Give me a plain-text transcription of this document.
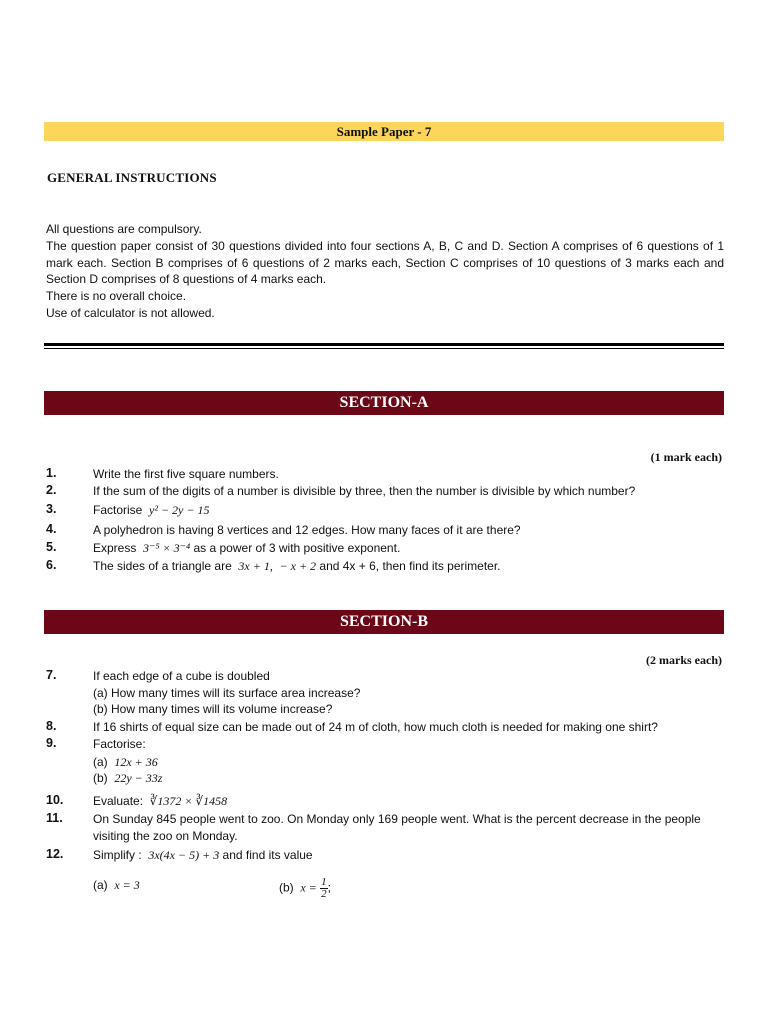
Sample Paper - 7
GENERAL INSTRUCTIONS
All questions are compulsory.
The question paper consist of 30 questions divided into four sections A, B, C and D. Section A comprises of 6 questions of 1 mark each. Section B comprises of 6 questions of 2 marks each, Section C comprises of 10 questions of 3 marks each and Section D comprises of 8 questions of 4 marks each.
There is no overall choice.
Use of calculator is not allowed.
SECTION-A
(1 mark each)
1.	Write the first five square numbers.
2.	If the sum of the digits of a number is divisible by three, then the number is divisible by which number?
3.	Factorise y² − 2y − 15
4.	A polyhedron is having 8 vertices and 12 edges. How many faces of it are there?
5.	Express 3⁻⁵ × 3⁻⁴ as a power of 3 with positive exponent.
6.	The sides of a triangle are 3x + 1, − x + 2 and 4x + 6, then find its perimeter.
SECTION-B
(2 marks each)
7.	If each edge of a cube is doubled
(a) How many times will its surface area increase?
(b) How many times will its volume increase?
8.	If 16 shirts of equal size can be made out of 24 m of cloth, how much cloth is needed for making one shirt?
9.	Factorise:
(a) 12x + 36
(b) 22y − 33z
10.	Evaluate: ∛1372 × ∛1458
11.	On Sunday 845 people went to zoo. On Monday only 169 people went. What is the percent decrease in the people visiting the zoo on Monday.
12.	Simplify : 3x(4x − 5) + 3 and find its value
(a) x = 3	(b) $x = \frac{1}{2}$ ;
